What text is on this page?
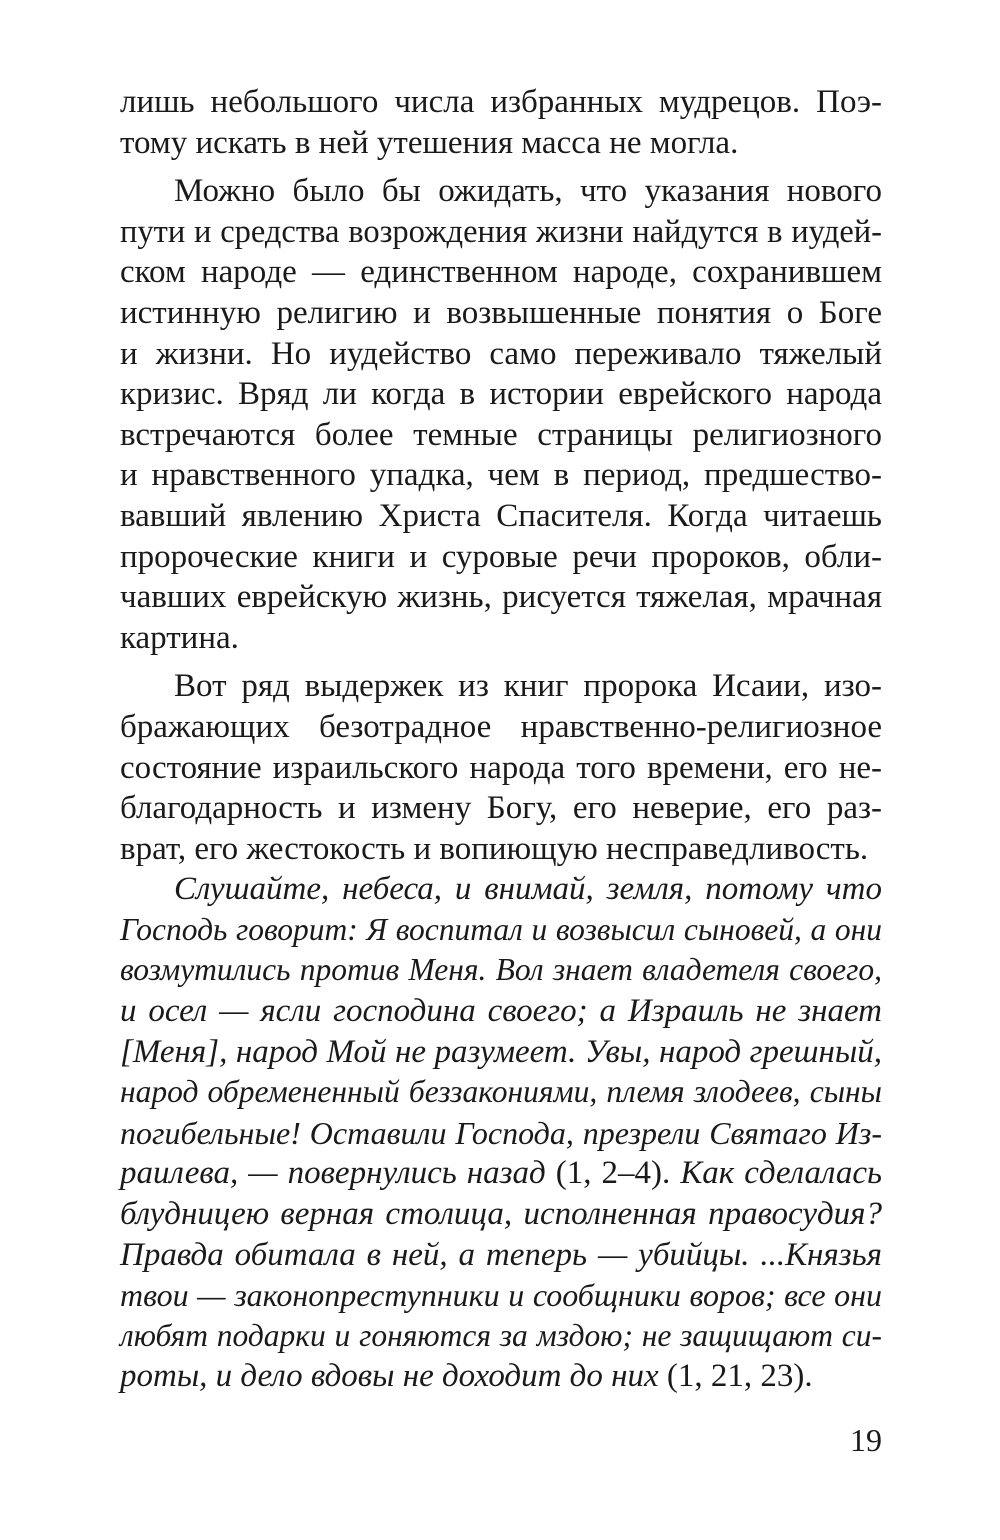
лишь небольшого числа избранных мудрецов. Поэ-
тому искать в ней утешения масса не могла.
Можно было бы ожидать, что указания нового
пути и средства возрождения жизни найдутся в иудей-
ском народе — единственном народе, сохранившем
истинную религию и возвышенные понятия о Боге
и жизни. Но иудейство само переживало тяжелый
кризис. Вряд ли когда в истории еврейского народа
встречаются более темные страницы религиозного
и нравственного упадка, чем в период, предшество-
вавший явлению Христа Спасителя. Когда читаешь
пророческие книги и суровые речи пророков, обли-
чавших еврейскую жизнь, рисуется тяжелая, мрачная
картина.
Вот ряд выдержек из книг пророка Исаии, изо-
бражающих безотрадное нравственно-религиозное
состояние израильского народа того времени, его не-
благодарность и измену Богу, его неверие, его раз-
врат, его жестокость и вопиющую несправедливость.
Слушайте, небеса, и внимай, земля, потому что
Господь говорит: Я воспитал и возвысил сыновей, а они
возмутились против Меня. Вол знает владетеля своего,
и осел — ясли господина своего; а Израиль не знает
[Меня], народ Мой не разумеет. Увы, народ грешный,
народ обремененный беззакониями, племя злодеев, сыны
погибельные! Оставили Господа, презрели Святаго Из-
раилева, — повернулись назад (1, 2–4). Как сделалась
блудницею верная столица, исполненная правосудия?
Правда обитала в ней, а теперь — убийцы. ...Князья
твои — законопреступники и сообщники воров; все они
любят подарки и гоняются за мздою; не защищают си-
роты, и дело вдовы не доходит до них (1, 21, 23).
19
